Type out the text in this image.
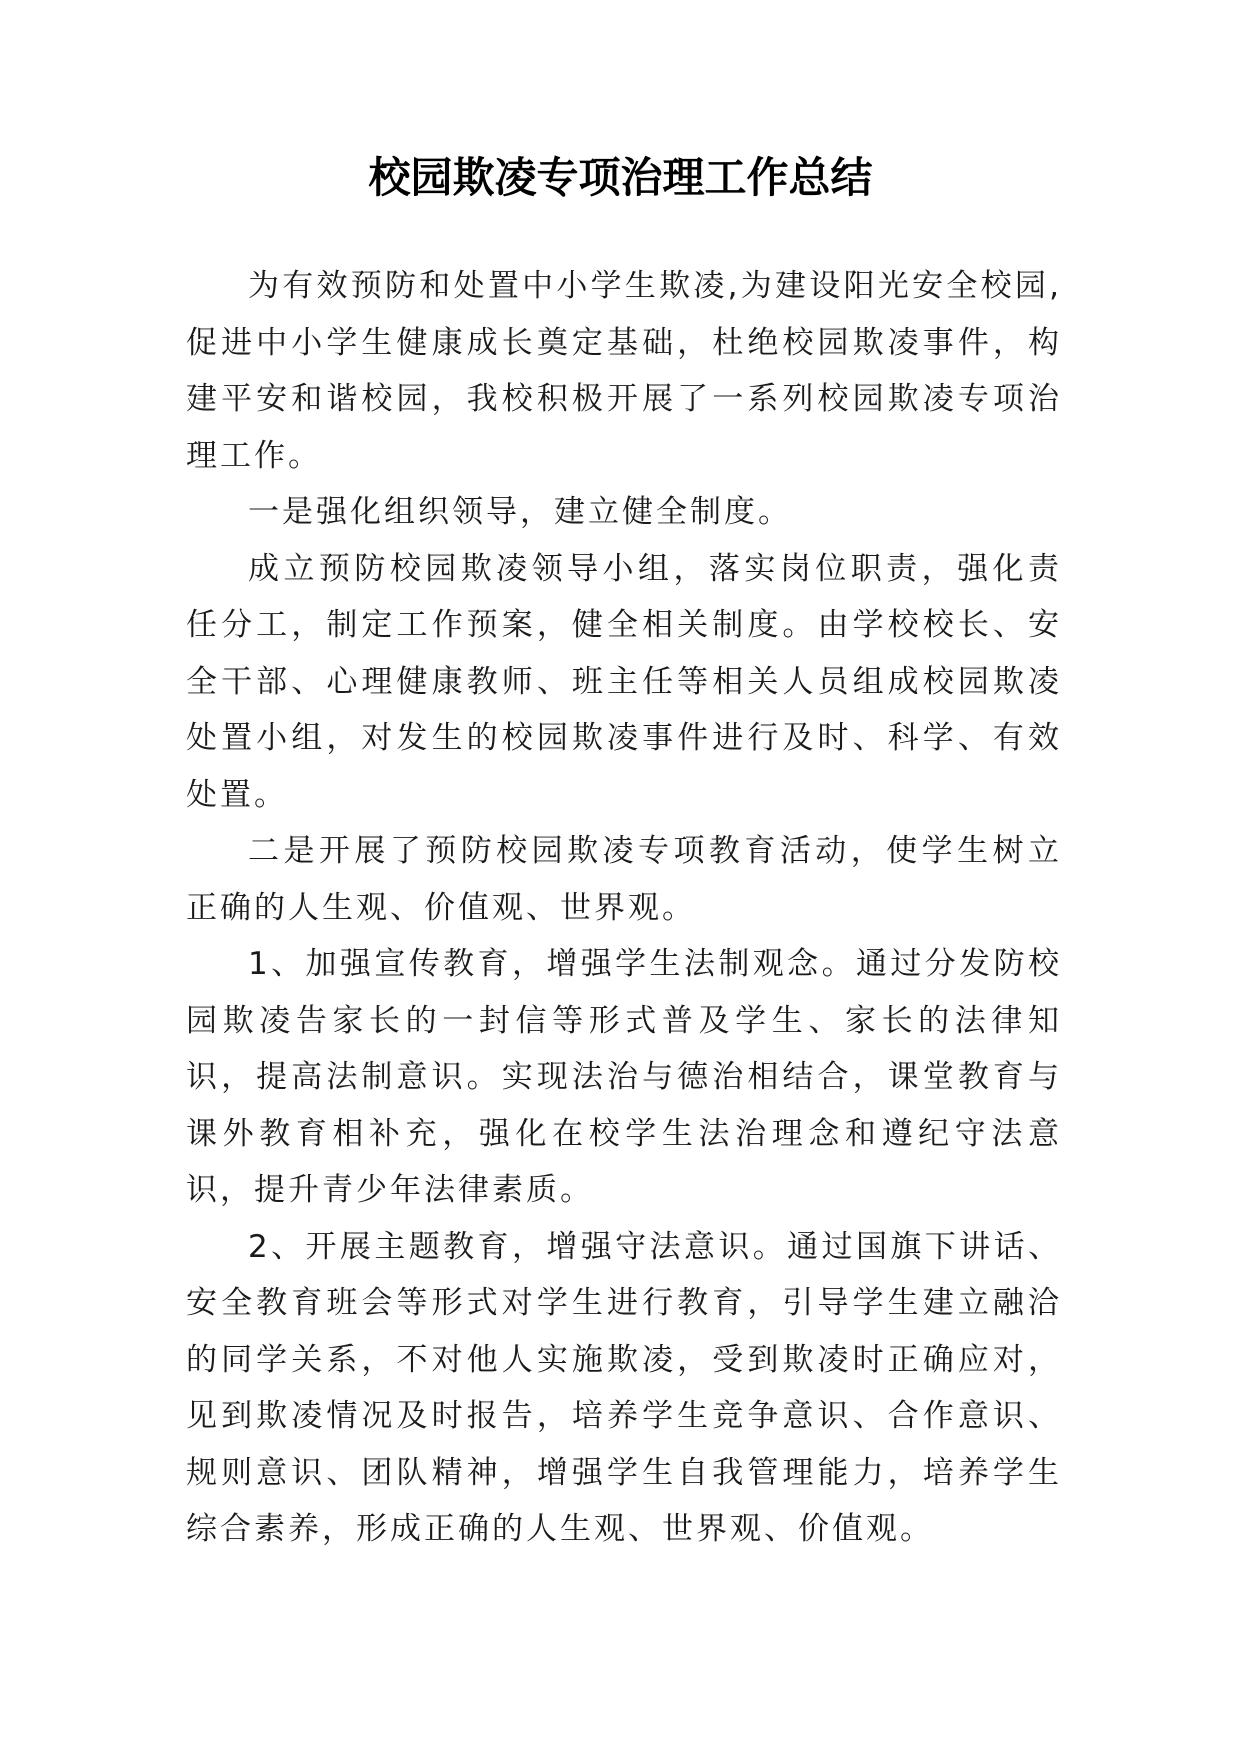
校园欺凌专项治理工作总结

为有效预防和处置中小学生欺凌,为建设阳光安全校园,促进中小学生健康成长奠定基础，杜绝校园欺凌事件，构建平安和谐校园，我校积极开展了一系列校园欺凌专项治理工作。

一是强化组织领导，建立健全制度。

成立预防校园欺凌领导小组，落实岗位职责，强化责任分工，制定工作预案，健全相关制度。由学校校长、安全干部、心理健康教师、班主任等相关人员组成校园欺凌处置小组，对发生的校园欺凌事件进行及时、科学、有效处置。

二是开展了预防校园欺凌专项教育活动，使学生树立正确的人生观、价值观、世界观。

1、加强宣传教育，增强学生法制观念。通过分发防校园欺凌告家长的一封信等形式普及学生、家长的法律知识，提高法制意识。实现法治与德治相结合，课堂教育与课外教育相补充，强化在校学生法治理念和遵纪守法意识，提升青少年法律素质。

2、开展主题教育，增强守法意识。通过国旗下讲话、安全教育班会等形式对学生进行教育，引导学生建立融洽的同学关系，不对他人实施欺凌，受到欺凌时正确应对，见到欺凌情况及时报告，培养学生竞争意识、合作意识、规则意识、团队精神，增强学生自我管理能力，培养学生综合素养，形成正确的人生观、世界观、价值观。
